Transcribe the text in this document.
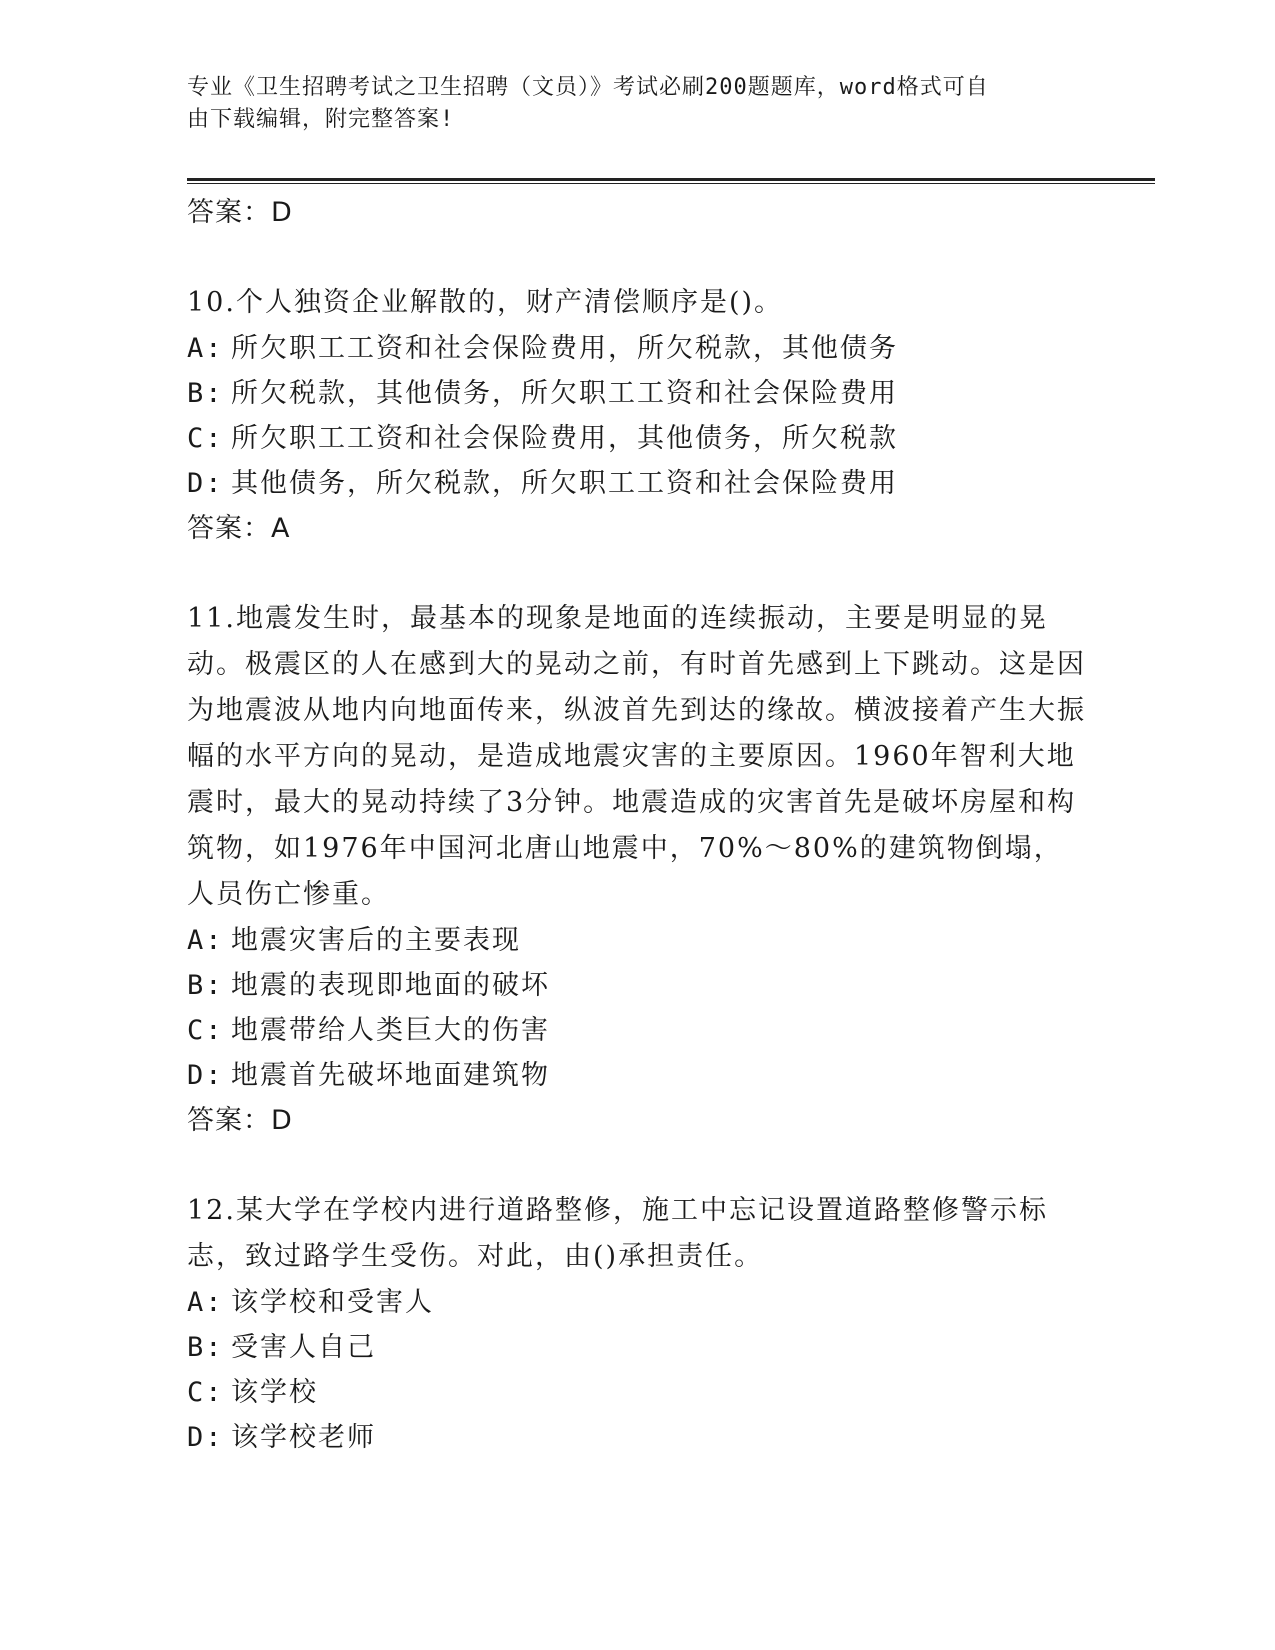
专业《卫生招聘考试之卫生招聘（文员）》考试必刷200题题库，word格式可自
由下载编辑，附完整答案!
答案：D
10.个人独资企业解散的，财产清偿顺序是()。
A: 所欠职工工资和社会保险费用，所欠税款，其他债务
B: 所欠税款，其他债务，所欠职工工资和社会保险费用
C: 所欠职工工资和社会保险费用，其他债务，所欠税款
D: 其他债务，所欠税款，所欠职工工资和社会保险费用
答案：A
11.地震发生时，最基本的现象是地面的连续振动，主要是明显的晃动。极震区的人在感到大的晃动之前，有时首先感到上下跳动。这是因为地震波从地内向地面传来，纵波首先到达的缘故。横波接着产生大振幅的水平方向的晃动，是造成地震灾害的主要原因。1960年智利大地震时，最大的晃动持续了3分钟。地震造成的灾害首先是破坏房屋和构筑物，如1976年中国河北唐山地震中，70%～80%的建筑物倒塌，人员伤亡惨重。
A: 地震灾害后的主要表现
B: 地震的表现即地面的破坏
C: 地震带给人类巨大的伤害
D: 地震首先破坏地面建筑物
答案：D
12.某大学在学校内进行道路整修，施工中忘记设置道路整修警示标志，致过路学生受伤。对此，由()承担责任。
A: 该学校和受害人
B: 受害人自己
C: 该学校
D: 该学校老师
